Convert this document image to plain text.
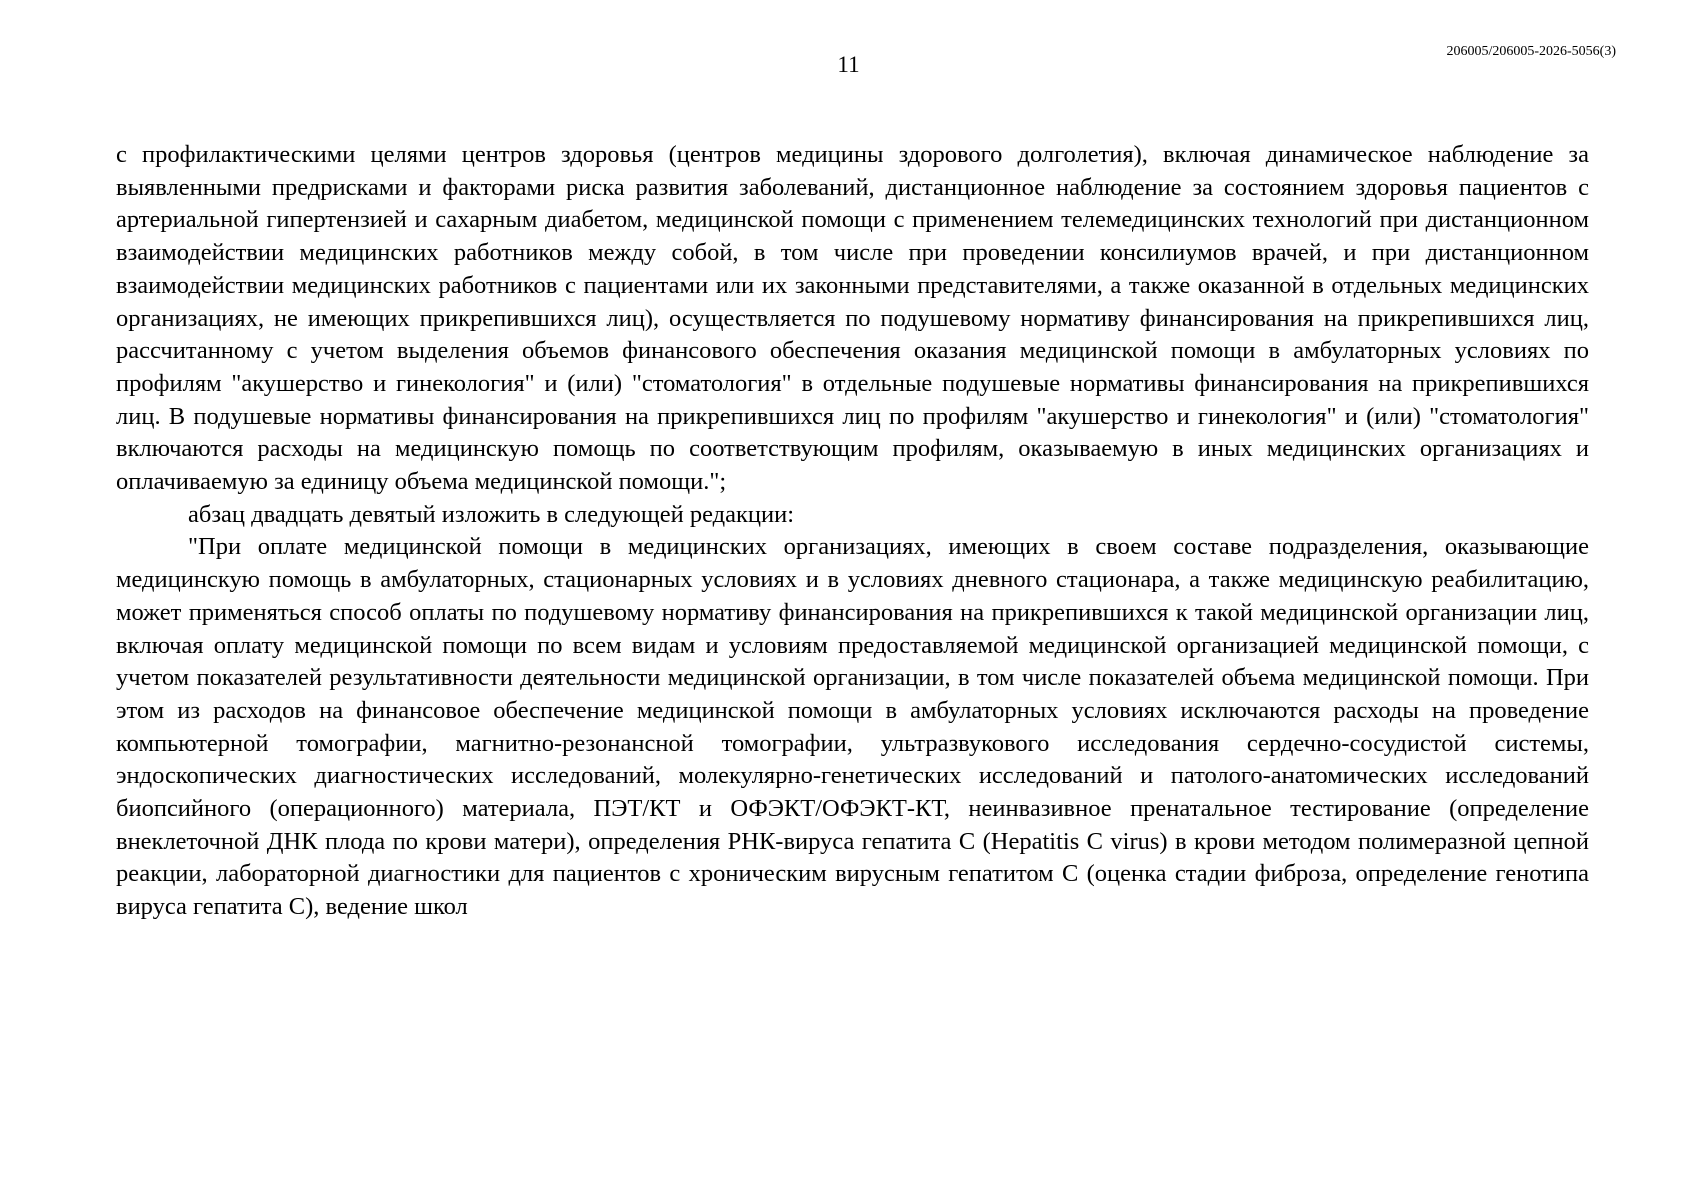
11

206005/206005-2026-5056(3)

с профилактическими целями центров здоровья (центров медицины здорового долголетия), включая динамическое наблюдение за выявленными предрисками и факторами риска развития заболеваний, дистанционное наблюдение за состоянием здоровья пациентов с артериальной гипертензией и сахарным диабетом, медицинской помощи с применением телемедицинских технологий при дистанционном взаимодействии медицинских работников между собой, в том числе при проведении консилиумов врачей, и при дистанционном взаимодействии медицинских работников с пациентами или их законными представителями, а также оказанной в отдельных медицинских организациях, не имеющих прикрепившихся лиц), осуществляется по подушевому нормативу финансирования на прикрепившихся лиц, рассчитанному с учетом выделения объемов финансового обеспечения оказания медицинской помощи в амбулаторных условиях по профилям "акушерство и гинекология" и (или) "стоматология" в отдельные подушевые нормативы финансирования на прикрепившихся лиц. В подушевые нормативы финансирования на прикрепившихся лиц по профилям "акушерство и гинекология" и (или) "стоматология" включаются расходы на медицинскую помощь по соответствующим профилям, оказываемую в иных медицинских организациях и оплачиваемую за единицу объема медицинской помощи.";

абзац двадцать девятый изложить в следующей редакции:

"При оплате медицинской помощи в медицинских организациях, имеющих в своем составе подразделения, оказывающие медицинскую помощь в амбулаторных, стационарных условиях и в условиях дневного стационара, а также медицинскую реабилитацию, может применяться способ оплаты по подушевому нормативу финансирования на прикрепившихся к такой медицинской организации лиц, включая оплату медицинской помощи по всем видам и условиям предоставляемой медицинской организацией медицинской помощи, с учетом показателей результативности деятельности медицинской организации, в том числе показателей объема медицинской помощи. При этом из расходов на финансовое обеспечение медицинской помощи в амбулаторных условиях исключаются расходы на проведение компьютерной томографии, магнитно-резонансной томографии, ультразвукового исследования сердечно-сосудистой системы, эндоскопических диагностических исследований, молекулярно-генетических исследований и патолого-анатомических исследований биопсийного (операционного) материала, ПЭТ/КТ и ОФЭКТ/ОФЭКТ-КТ, неинвазивное пренатальное тестирование (определение внеклеточной ДНК плода по крови матери), определения РНК-вируса гепатита C (Hepatitis C virus) в крови методом полимеразной цепной реакции, лабораторной диагностики для пациентов с хроническим вирусным гепатитом C (оценка стадии фиброза, определение генотипа вируса гепатита C), ведение школ
